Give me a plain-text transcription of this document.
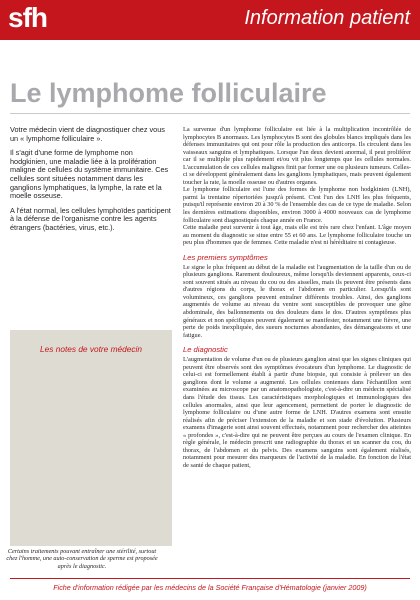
sfh	Information patient
Le lymphome folliculaire

Votre médecin vient de diagnostiquer chez vous un « lymphome folliculaire ».

Il s'agit d'une forme de lymphome non hodgkinien, une maladie liée à la prolifération maligne de cellules du système immunitaire. Ces cellules sont situées notamment dans les ganglions lymphatiques, la lymphe, la rate et la moelle osseuse.

A l'état normal, les cellules lymphoïdes participent à la défense de l'organisme contre les agents étrangers (bactéries, virus, etc.).

Les notes de votre médecin
Certains traitements pouvant entraîner une stérilité, surtout chez l'homme, une auto-conservation de sperme est proposée après le diagnostic.

La survenue d'un lymphome folliculaire est liée à la multiplication incontrôlée de lymphocytes B anormaux. Les lymphocytes B sont des globules blancs impliqués dans les défenses immunitaires qui ont pour rôle la production des anticorps. Ils circulent dans les vaisseaux sanguins et lymphatiques. Lorsque l'un deux devient anormal, il peut proliférer car il se multiplie plus rapidement et/ou vit plus longtemps que les cellules normales. L'accumulation de ces cellules malignes finit par former une ou plusieurs tumeurs. Celles-ci se développent généralement dans les ganglions lymphatiques, mais peuvent également toucher la rate, la moelle osseuse ou d'autres organes.

Le lymphome folliculaire est l'une des formes de lymphome non hodgkinien (LNH), parmi la trentaine répertoriées jusqu'à présent. C'est l'un des LNH les plus fréquents, puisqu'il représente environ 20 à 30 % de l'ensemble des cas de ce type de maladie. Selon les dernières estimations disponibles, environ 3000 à 4000 nouveaux cas de lymphome folliculaire sont diagnostiqués chaque année en France.

Cette maladie peut survenir à tout âge, mais elle est très rare chez l'enfant. L'âge moyen au moment du diagnostic se situe entre 55 et 60 ans. Le lymphome folliculaire touche un peu plus d'hommes que de femmes. Cette maladie n'est ni héréditaire ni contagieuse.

Les premiers symptômes

Le signe le plus fréquent au début de la maladie est l'augmentation de la taille d'un ou de plusieurs ganglions. Rarement douloureux, même lorsqu'ils deviennent apparents, ceux-ci sont souvent situés au niveau du cou ou des aisselles, mais ils peuvent être présents dans d'autres régions du corps, le thorax et l'abdomen en particulier. Lorsqu'ils sont volumineux, ces ganglions peuvent entraîner différents troubles. Ainsi, des ganglions augmentés de volume au niveau du ventre sont susceptibles de provoquer une gêne abdominale, des ballonnements ou des douleurs dans le dos. D'autres symptômes plus généraux et non spécifiques peuvent également se manifester, notamment une fièvre, une perte de poids inexpliquée, des sueurs nocturnes abondantes, des démangeaisons et une fatigue.

Le diagnostic

L'augmentation de volume d'un ou de plusieurs ganglion ainsi que les signes cliniques qui peuvent être observés sont des symptômes évocateurs d'un lymphome. Le diagnostic de celui-ci est formellement établi à partir d'une biopsie, qui consiste à prélever un des ganglions dont le volume a augmenté. Les cellules contenues dans l'échantillon sont examinées au microscope par un anatomopathologiste, c'est-à-dire un médecin spécialisé dans l'étude des tissus. Les caractéristiques morphologiques et immunologiques des cellules anormales, ainsi que leur agencement, permettent de porter le diagnostic de lymphome folliculaire ou d'une autre forme de LNH. D'autres examens sont ensuite réalisés afin de préciser l'extension de la maladie et son stade d'évolution. Plusieurs examens d'imagerie sont ainsi souvent effectués, notamment pour rechercher des atteintes « profondes », c'est-à-dire qui ne peuvent être perçues au cours de l'examen clinique. En règle générale, le médecin prescrit une radiographie du thorax et un scanner du cou, du thorax, de l'abdomen et du pelvis. Des examens sanguins sont également réalisés, notamment pour mesurer des marqueurs de l'activité de la maladie. En fonction de l'état de santé de chaque patient,

Fiche d'information rédigée par les médecins de la Société Française d'Hématologie (janvier 2009)
